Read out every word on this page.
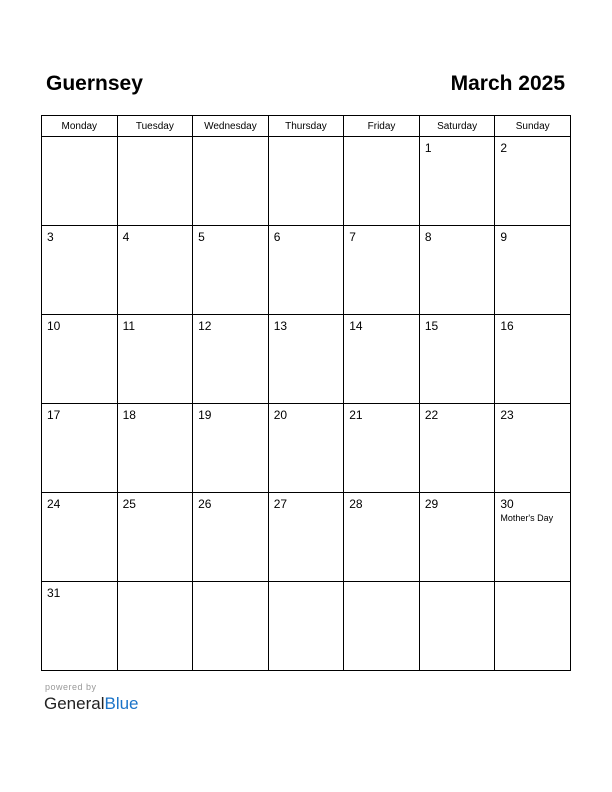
Guernsey	March 2025
Monday	Tuesday	Wednesday	Thursday	Friday	Saturday	Sunday

					1	2

3	4	5	6	7	8	9

10	11	12	13	14	15	16

17	18	19	20	21	22	23

24	25	26	27	28	29	30
Mother's Day

31						

powered by
GeneralBlue
